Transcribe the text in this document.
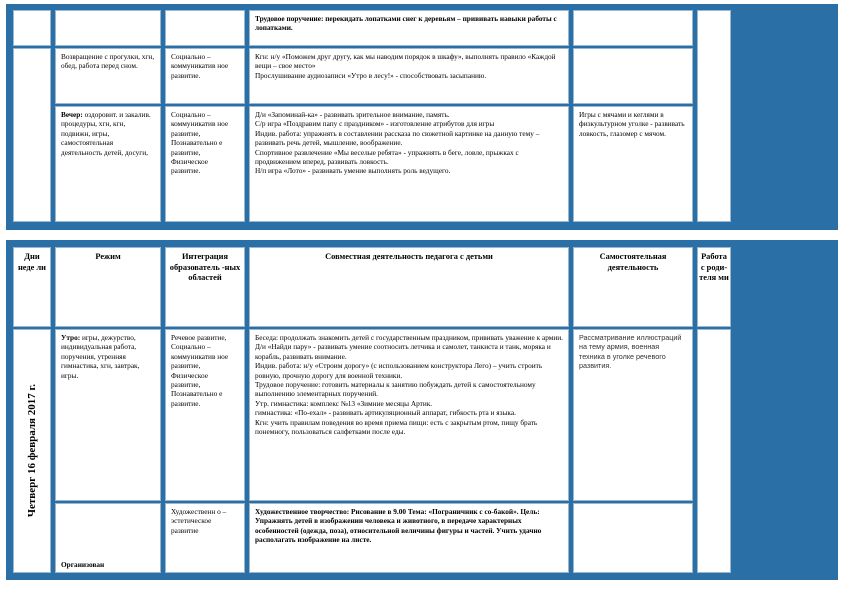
Трудовое поручение: перекидать лопатками снег к деревьям – прививать навыки работы с лопатками.
Возвращение с прогулки, хгн, обед, работа перед сном.
Социально – коммуникатив ное развитие.
Кгн: н/у «Поможем друг другу, как мы наводим порядок в шкафу», выполнять правило «Каждой вещи – свое место»
Прослушивание аудиозаписи «Утро в лесу!» - способствовать засыпанию.
Вечер: оздоровит. и закалив. процедуры, хгн, кгн, подвижн, игры, самостоятельная деятельность детей, досуги,
Социально – коммуникатив ное развитие, Познавательно е развитие, Физическое развитие.
Д/и «Запоминай-ка» - развивать зрительное внимание, память.
С/р игра «Поздравим папу с праздником» - изготовление атрибутов для игры
Индив. работа: упражнять в составлении рассказа по сюжетной картинке на данную тему – развивать речь детей, мышление, воображение.
Спортивное развлечение «Мы веселые ребята» - упражнять в беге, ловле, прыжках с продвижением вперед, развивать ловкость.
Н/п игра «Лото» - развивать умение выполнять роль ведущего.
Игры с мячами и кеглями в физкультурном уголке - развивать ловкость, глазомер с мячом.
Дни неде ли
Режим	Интеграция образователь -ных областей
Совместная деятельность педагога с детьми	Самостоятельная деятельность
Работа с роди- теля ми
Четверг 16 февраля 2017 г.
Утро: игры, дежурство, индивидуальная работа, поручения, утренняя гимнастика, хгн, завтрак, игры.
Речевое развитие, Социально – коммуникатив ное развитие, Физическое развитие, Познавательно е развитие.
Беседа: продолжать знакомить детей с государственным праздником, прививать уважение к армии. Д/и «Найди пару» - развивать умение соотносить летчика и самолет, танкиста и танк, моряка и корабль, развивать внимание.
Индив. работа: н/у «Строим дорогу» (с использованием конструктора Лего) – учить строить ровную, прочную дорогу для военной техники.
Трудовое поручение: готовить материалы к занятию побуждать детей к самостоятельному выполнению элементарных поручений.
Утр. гимнастика: комплекс №13 «Зимние месяцы Артик.
гимнастика: «По-ехал» - развивать артикуляционный аппарат, гибкость рта и языка.
Кгн: учить правилам поведения во время приема пищи: есть с закрытым ртом, пищу брать понемногу, пользоваться салфетками после еды.
Рассматривание иллюстраций на тему армия, военная техника в уголке речевого развития.
Организован
Художественн о – эстетическое развитие
Художественное творчество: Рисование в 9.00 Тема: «Пограничник с со-бакой». Цель: Упражнять детей в изображении человека и животного, в передаче характерных особенностей (одежда, поза), относительной величины фигуры и частей. Учить удачно располагать изображение на листе.
